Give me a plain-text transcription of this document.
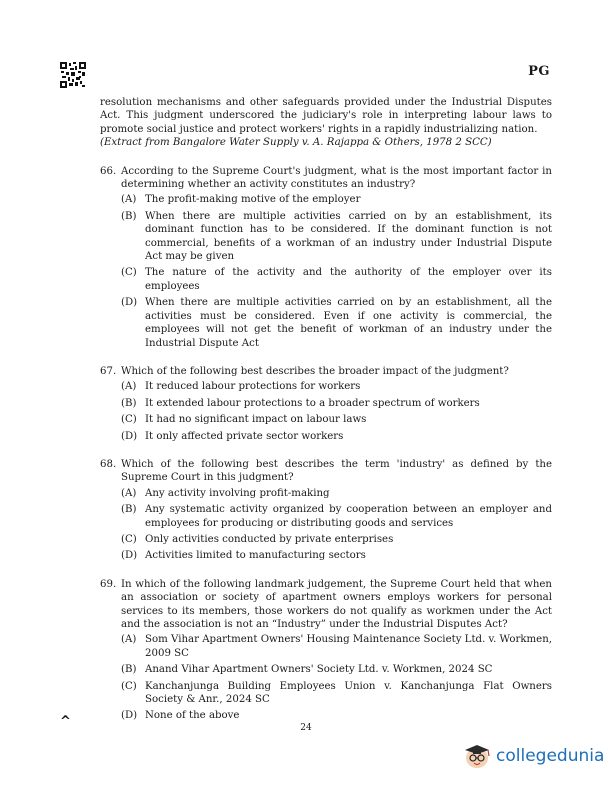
PG

resolution mechanisms and other safeguards provided under the Industrial Disputes Act. This judgment underscored the judiciary's role in interpreting labour laws to promote social justice and protect workers' rights in a rapidly industrializing nation.

(Extract from Bangalore Water Supply v. A. Rajappa & Others, 1978 2 SCC)

66. According to the Supreme Court's judgment, what is the most important factor in determining whether an activity constitutes an industry?
(A) The profit-making motive of the employer
(B) When there are multiple activities carried on by an establishment, its dominant function has to be considered. If the dominant function is not commercial, benefits of a workman of an industry under Industrial Dispute Act may be given
(C) The nature of the activity and the authority of the employer over its employees
(D) When there are multiple activities carried on by an establishment, all the activities must be considered. Even if one activity is commercial, the employees will not get the benefit of workman of an industry under the Industrial Dispute Act
67. Which of the following best describes the broader impact of the judgment?
(A) It reduced labour protections for workers
(B) It extended labour protections to a broader spectrum of workers
(C) It had no significant impact on labour laws
(D) It only affected private sector workers
68. Which of the following best describes the term 'industry' as defined by the Supreme Court in this judgment?
(A) Any activity involving profit-making
(B) Any systematic activity organized by cooperation between an employer and employees for producing or distributing goods and services
(C) Only activities conducted by private enterprises
(D) Activities limited to manufacturing sectors
69. In which of the following landmark judgement, the Supreme Court held that when an association or society of apartment owners employs workers for personal services to its members, those workers do not qualify as workmen under the Act and the association is not an “Industry” under the Industrial Disputes Act?
(A) Som Vihar Apartment Owners' Housing Maintenance Society Ltd. v. Workmen, 2009 SC
(B) Anand Vihar Apartment Owners' Society Ltd. v. Workmen, 2024 SC
(C) Kanchanjunga Building Employees Union v. Kanchanjunga Flat Owners Society & Anr., 2024 SC
(D) None of the above
^	24
collegedunia
